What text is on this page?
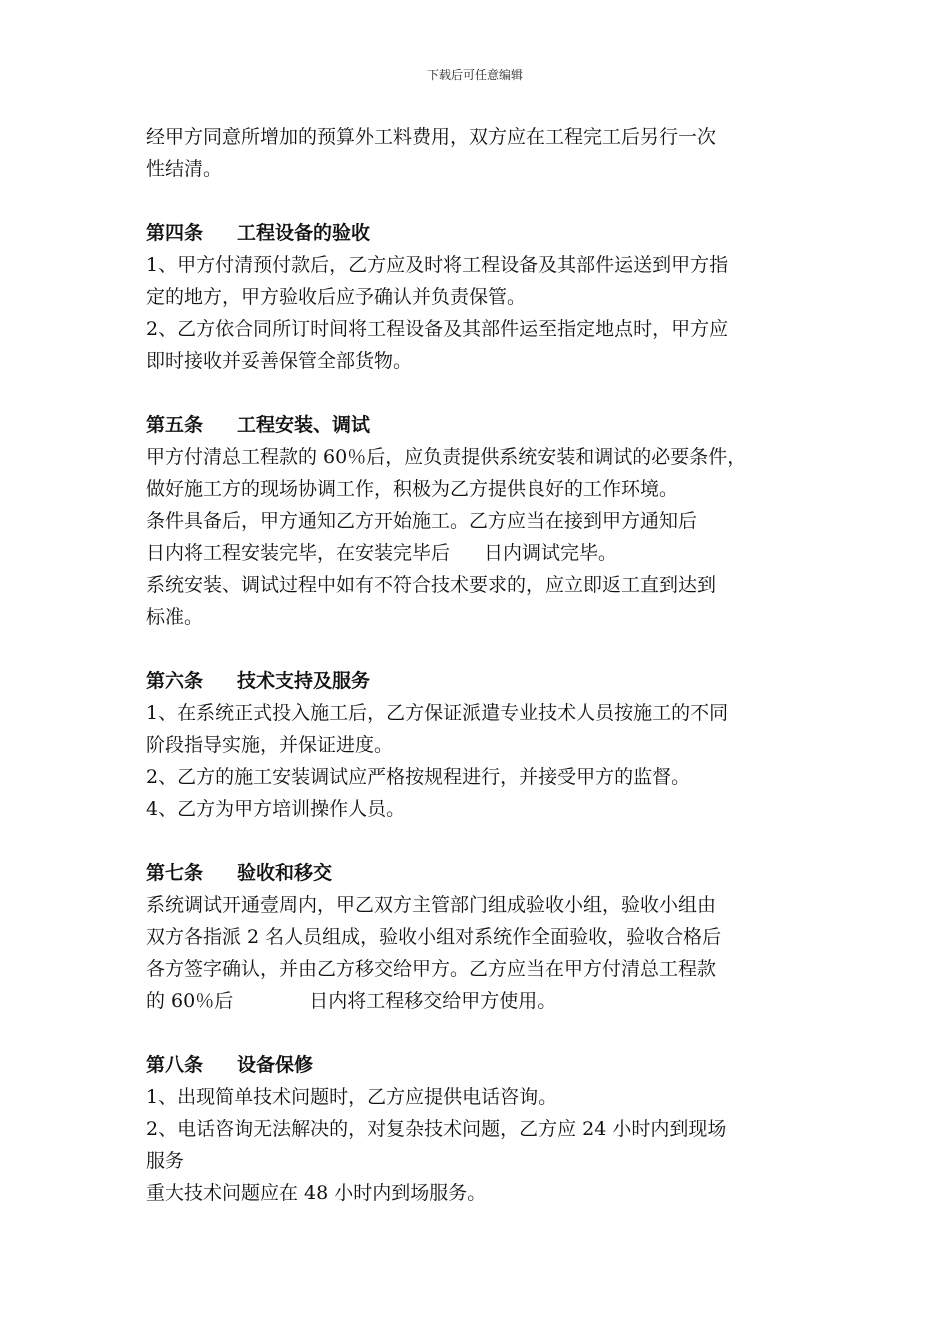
下载后可任意编辑
经甲方同意所增加的预算外工料费用，双方应在工程完工后另行一次
性结清。
第四条 工程设备的验收
1、甲方付清预付款后，乙方应及时将工程设备及其部件运送到甲方指
定的地方，甲方验收后应予确认并负责保管。
2、乙方依合同所订时间将工程设备及其部件运至指定地点时，甲方应
即时接收并妥善保管全部货物。
第五条 工程安装、调试
甲方付清总工程款的 60％后，应负责提供系统安装和调试的必要条件，
做好施工方的现场协调工作，积极为乙方提供良好的工作环境。
条件具备后，甲方通知乙方开始施工。乙方应当在接到甲方通知后
日内将工程安装完毕，在安装完毕后 日内调试完毕。
系统安装、调试过程中如有不符合技术要求的，应立即返工直到达到
标准。
第六条 技术支持及服务
1、在系统正式投入施工后，乙方保证派遣专业技术人员按施工的不同
阶段指导实施，并保证进度。
2、乙方的施工安装调试应严格按规程进行，并接受甲方的监督。
4、乙方为甲方培训操作人员。
第七条 验收和移交
系统调试开通壹周内，甲乙双方主管部门组成验收小组，验收小组由
双方各指派 2 名人员组成，验收小组对系统作全面验收，验收合格后
各方签字确认，并由乙方移交给甲方。乙方应当在甲方付清总工程款
的 60％后	日内将工程移交给甲方使用。
第八条 设备保修
1、出现简单技术问题时，乙方应提供电话咨询。
2、电话咨询无法解决的，对复杂技术问题，乙方应 24 小时内到现场
服务
重大技术问题应在 48 小时内到场服务。
